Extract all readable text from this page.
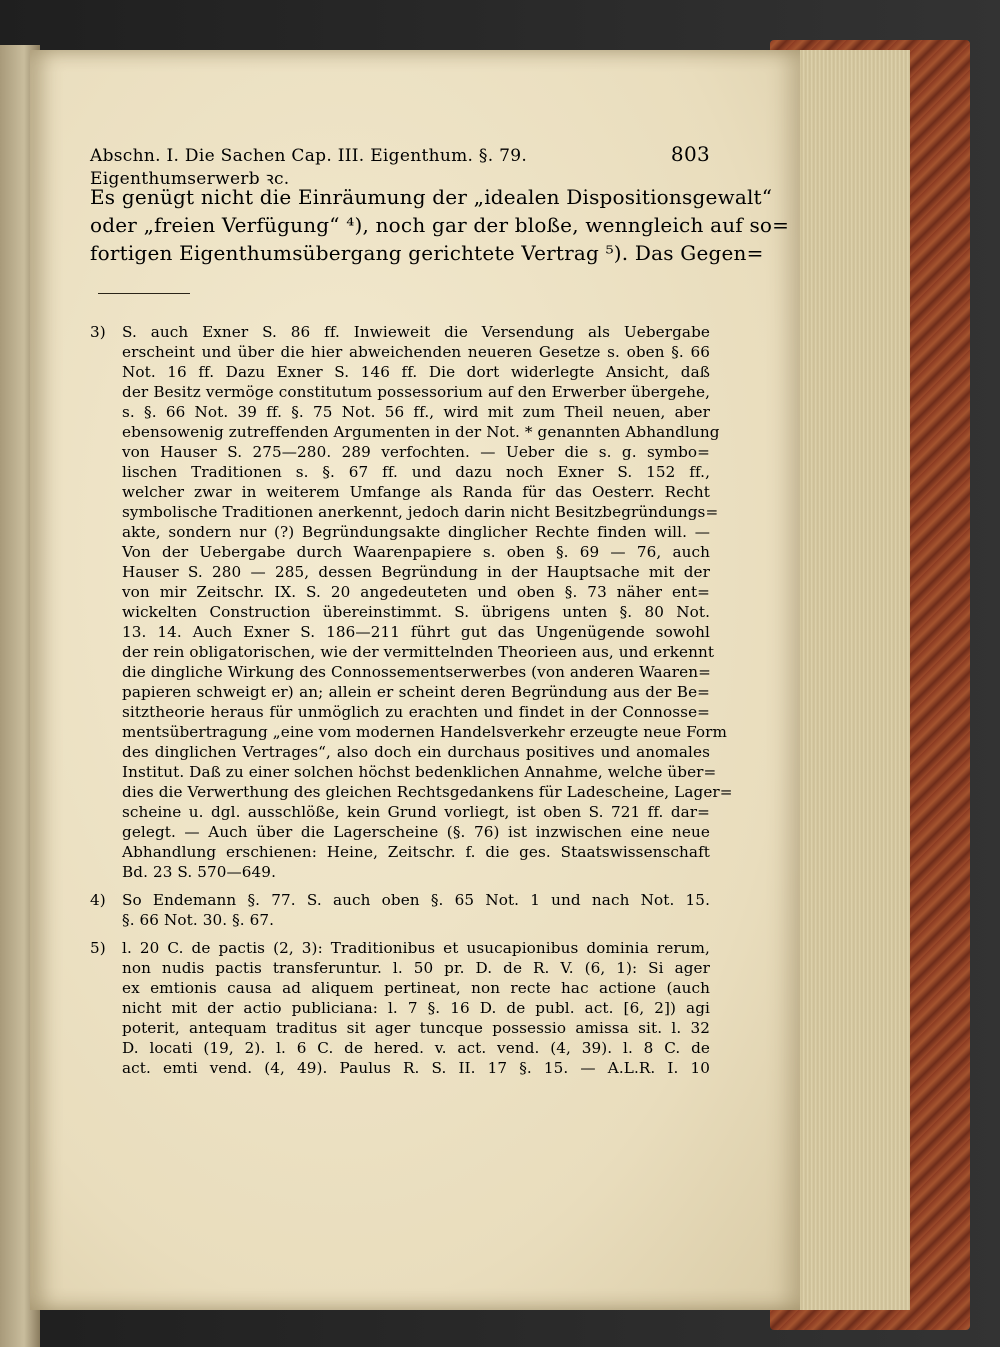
Abschn. I. Die Sachen Cap. III. Eigenthum. §. 79. Eigenthumserwerb ꝛc.
803
Es genügt nicht die Einräumung der „idealen Dispositionsgewalt“
oder „freien Verfügung“ ⁴), noch gar der bloße, wenngleich auf so=
fortigen Eigenthumsübergang gerichtete Vertrag ⁵). Das Gegen=
3) S. auch Exner S. 86 ff. Inwieweit die Versendung als Uebergabe
erscheint und über die hier abweichenden neueren Gesetze s. oben §. 66
Not. 16 ff. Dazu Exner S. 146 ff. Die dort widerlegte Ansicht, daß
der Besitz vermöge constitutum possessorium auf den Erwerber übergehe,
s. §. 66 Not. 39 ff. §. 75 Not. 56 ff., wird mit zum Theil neuen, aber
ebensowenig zutreffenden Argumenten in der Not. * genannten Abhandlung
von Hauser S. 275—280. 289 verfochten. — Ueber die s. g. symbo=
lischen Traditionen s. §. 67 ff. und dazu noch Exner S. 152 ff.,
welcher zwar in weiterem Umfange als Randa für das Oesterr. Recht
symbolische Traditionen anerkennt, jedoch darin nicht Besitzbegründungs=
akte, sondern nur (?) Begründungsakte dinglicher Rechte finden will. —
Von der Uebergabe durch Waarenpapiere s. oben §. 69 — 76, auch
Hauser S. 280 — 285, dessen Begründung in der Hauptsache mit der
von mir Zeitschr. IX. S. 20 angedeuteten und oben §. 73 näher ent=
wickelten Construction übereinstimmt. S. übrigens unten §. 80 Not.
13. 14. Auch Exner S. 186—211 führt gut das Ungenügende sowohl
der rein obligatorischen, wie der vermittelnden Theorieen aus, und erkennt
die dingliche Wirkung des Connossementserwerbes (von anderen Waaren=
papieren schweigt er) an; allein er scheint deren Begründung aus der Be=
sitztheorie heraus für unmöglich zu erachten und findet in der Connosse=
mentsübertragung „eine vom modernen Handelsverkehr erzeugte neue Form
des dinglichen Vertrages“, also doch ein durchaus positives und anomales
Institut. Daß zu einer solchen höchst bedenklichen Annahme, welche über=
dies die Verwerthung des gleichen Rechtsgedankens für Ladescheine, Lager=
scheine u. dgl. ausschlöße, kein Grund vorliegt, ist oben S. 721 ff. dar=
gelegt. — Auch über die Lagerscheine (§. 76) ist inzwischen eine neue
Abhandlung erschienen: Heine, Zeitschr. f. die ges. Staatswissenschaft
Bd. 23 S. 570—649.
4) So Endemann §. 77. S. auch oben §. 65 Not. 1 und nach Not. 15.
§. 66 Not. 30. §. 67.
5) l. 20 C. de pactis (2, 3): Traditionibus et usucapionibus dominia rerum,
non nudis pactis transferuntur. l. 50 pr. D. de R. V. (6, 1): Si ager
ex emtionis causa ad aliquem pertineat, non recte hac actione (auch
nicht mit der actio publiciana: l. 7 §. 16 D. de publ. act. [6, 2]) agi
poterit, antequam traditus sit ager tuncque possessio amissa sit. l. 32
D. locati (19, 2). l. 6 C. de hered. v. act. vend. (4, 39). l. 8 C. de
act. emti vend. (4, 49). Paulus R. S. II. 17 §. 15. — A.L.R. I. 10
